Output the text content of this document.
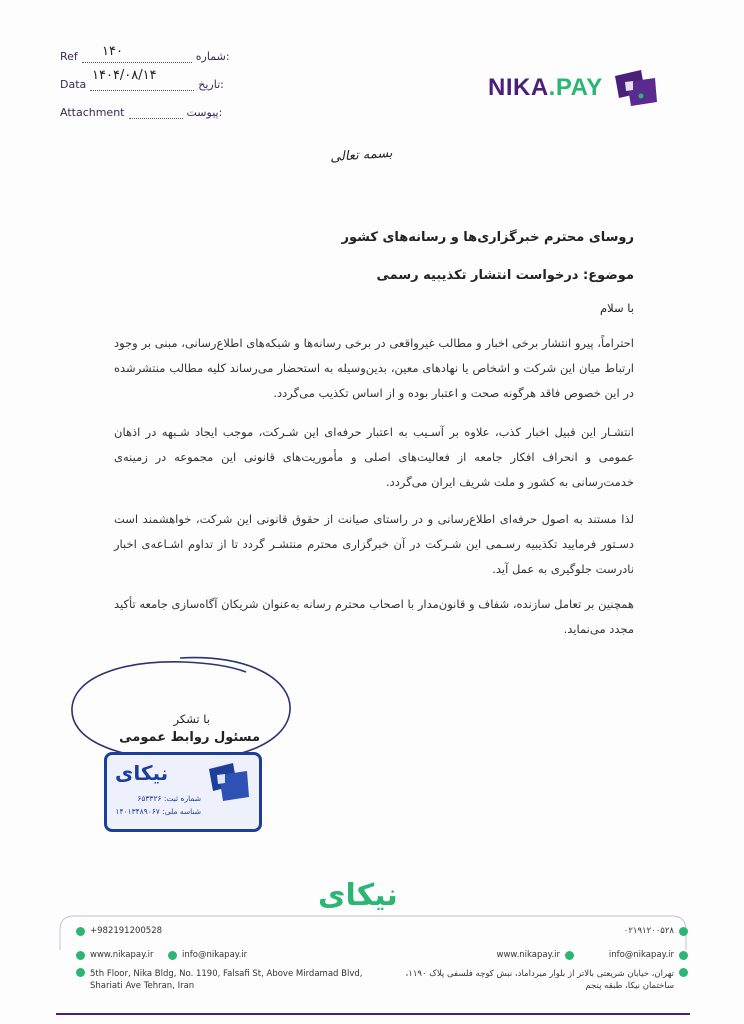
Ref	شماره:
۱۴۰
Data	تاریخ:
۱۴۰۴/۰۸/۱۴
Attachment	پیوست:
NIKA.PAY
بسمه تعالی
روسای محترم خبرگزاری‌ها و رسانه‌های کشور
موضوع: درخواست انتشار تکذیبیه رسمی
با سلام
احتراماً، پیرو انتشار برخی اخبار و مطالب غیرواقعی در برخی رسانه‌ها و شبکه‌های اطلاع‌رسانی، مبنی بر وجود ارتباط میان این شرکت و اشخاص یا نهادهای معین، بدین‌وسیله به استحضار می‌رساند کلیه مطالب منتشرشده در این خصوص فاقد هرگونه صحت و اعتبار بوده و از اساس تکذیب می‌گردد.
انتشـار این قبیل اخبار کذب، علاوه بر آسـیب به اعتبار حرفه‌ای این شـرکت، موجب ایجاد شـبهه در اذهان عمومی و انحراف افکار جامعه از فعالیت‌های اصلی و مأموریت‌های قانونی این مجموعه در زمینه‌ی خدمت‌رسانی به کشور و ملت شریف ایران می‌گردد.
لذا مستند به اصول حرفه‌ای اطلاع‌رسانی و در راستای صیانت از حقوق قانونی این شرکت، خواهشمند است دسـتور فرمایید تکذیبیه رسـمی این شـرکت در آن خبرگزاری محترم منتشـر گردد تا از تداوم اشـاعه‌ی اخبار نادرست جلوگیری به عمل آید.
همچنین بر تعامل سازنده، شفاف و قانون‌مدار با اصحاب محترم رسانه به‌عنوان شریکان آگاه‌سازی جامعه تأکید مجدد می‌نماید.
با تشکر
مسئول روابط عمومی
نیکای
شماره ثبت: ۶۵۳۳۲۶
شناسه ملی: ۱۴۰۱۳۴۸۹۰۶۷
نیکای
+982191200528
www.nikapay.ir	info@nikapay.ir
5th Floor, Nika Bldg, No. 1190, Falsafi St, Above Mirdamad Blvd, Shariati Ave Tehran, Iran
۰۲۱۹۱۲۰۰۵۲۸
info@nikapay.ir
www.nikapay.ir
تهران، خیابان شریعتی بالاتر از بلوار میرداماد، نبش کوچه فلسفی پلاک ۱۱۹۰، ساختمان نیکا، طبقه پنجم
